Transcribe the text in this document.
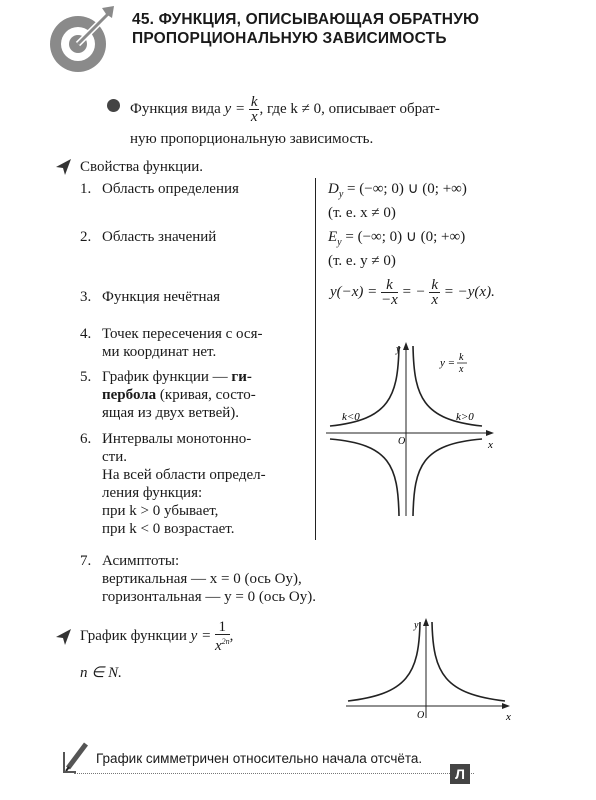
45. ФУНКЦИЯ, ОПИСЫВАЮЩАЯ ОБРАТНУЮ
ПРОПОРЦИОНАЛЬНУЮ ЗАВИСИМОСТЬ
Функция вида $y = \frac{k}{x}$ , где k ≠ 0, описывает обрат-
ную пропорциональную зависимость.
Свойства функции.
1. Область определения	$D_y$ = (−∞; 0) ∪ (0; +∞)
(т. е. x ≠ 0)
2. Область значений	$E_y$ = (−∞; 0) ∪ (0; +∞)
(т. е. y ≠ 0)
3. Функция нечётная	$y(-x) = \frac{k}{-x}$ = − $\frac{k}{x} = -y(x)$.
4. Точек пересечения с ося-
ми координат нет.
5. График функции — ги-
пербола (кривая, состо-
ящая из двух ветвей).
6. Интервалы монотонно-
сти.
На всей области определ-
ления функция:
при k > 0 убывает,
при k < 0 возрастает.
y
x
O
k<0	k>0
y = k
x
7. Асимптоты:
вертикальная — x = 0 (ось Oy),
горизонтальная — y = 0 (ось Oy).
График функции $y = \frac{1}{x^{2n}}$ ,
n ∈ N.
y
x
O
График симметричен относительно начала отсчёта.
Л
